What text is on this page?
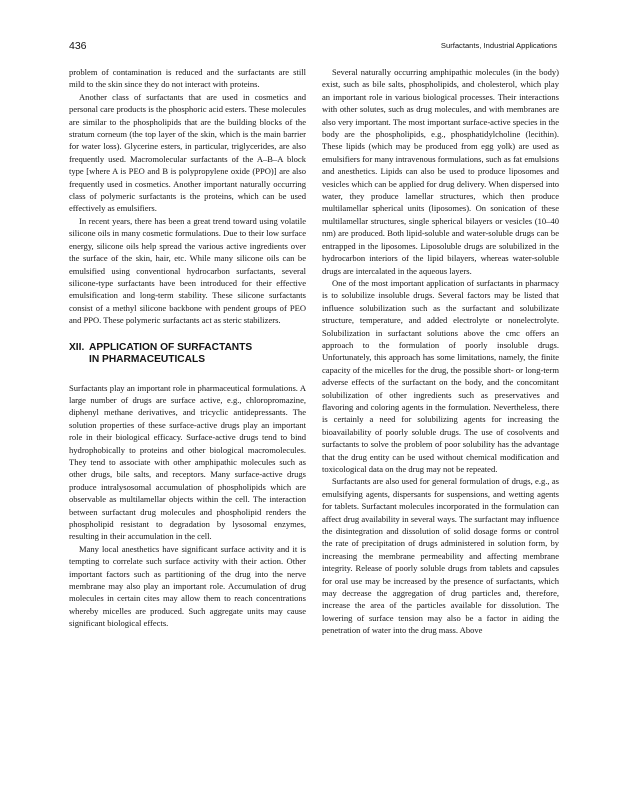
436	Surfactants, Industrial Applications

problem of contamination is reduced and the surfactants are still mild to the skin since they do not interact with proteins.

Another class of surfactants that are used in cosmetics and personal care products is the phosphoric acid esters. These molecules are similar to the phospholipids that are the building blocks of the stratum corneum (the top layer of the skin, which is the main barrier for water loss). Glycerine esters, in particular, triglycerides, are also frequently used. Macromolecular surfactants of the A–B–A block type [where A is PEO and B is polypropylene oxide (PPO)] are also frequently used in cosmetics. Another important naturally occurring class of polymeric surfactants is the proteins, which can be used effectively as emulsifiers.

In recent years, there has been a great trend toward using volatile silicone oils in many cosmetic formulations. Due to their low surface energy, silicone oils help spread the various active ingredients over the surface of the skin, hair, etc. While many silicone oils can be emulsified using conventional hydrocarbon surfactants, several silicone-type surfactants have been introduced for their effective emulsification and long-term stability. These silicone surfactants consist of a methyl silicone backbone with pendent groups of PEO and PPO. These polymeric surfactants act as steric stabilizers.

XII. APPLICATION OF SURFACTANTS
IN PHARMACEUTICALS

Surfactants play an important role in pharmaceutical formulations. A large number of drugs are surface active, e.g., chloropromazine, diphenyl methane derivatives, and tricyclic antidepressants. The solution properties of these surface-active drugs play an important role in their biological efficacy. Surface-active drugs tend to bind hydrophobically to proteins and other biological macromolecules. They tend to associate with other amphipathic molecules such as other drugs, bile salts, and receptors. Many surface-active drugs produce intralysosomal accumulation of phospholipids which are observable as multilamellar objects within the cell. The interaction between surfactant drug molecules and phospholipid renders the phospholipid resistant to degradation by lysosomal enzymes, resulting in their accumulation in the cell.

Many local anesthetics have significant surface activity and it is tempting to correlate such surface activity with their action. Other important factors such as partitioning of the drug into the nerve membrane may also play an important role. Accumulation of drug molecules in certain cites may allow them to reach concentrations whereby micelles are produced. Such aggregate units may cause significant biological effects.

Several naturally occurring amphipathic molecules (in the body) exist, such as bile salts, phospholipids, and cholesterol, which play an important role in various biological processes. Their interactions with other solutes, such as drug molecules, and with membranes are also very important. The most important surface-active species in the body are the phospholipids, e.g., phosphatidylcholine (lecithin). These lipids (which may be produced from egg yolk) are used as emulsifiers for many intravenous formulations, such as fat emulsions and anesthetics. Lipids can also be used to produce liposomes and vesicles which can be applied for drug delivery. When dispersed into water, they produce lamellar structures, which then produce multilamellar spherical units (liposomes). On sonication of these multilamellar structures, single spherical bilayers or vesicles (10–40 nm) are produced. Both lipid-soluble and water-soluble drugs can be entrapped in the liposomes. Liposoluble drugs are solubilized in the hydrocarbon interiors of the lipid bilayers, whereas water-soluble drugs are intercalated in the aqueous layers.

One of the most important application of surfactants in pharmacy is to solubilize insoluble drugs. Several factors may be listed that influence solubilization such as the surfactant and solubilizate structure, temperature, and added electrolyte or nonelectrolyte. Solubilization in surfactant solutions above the cmc offers an approach to the formulation of poorly insoluble drugs. Unfortunately, this approach has some limitations, namely, the finite capacity of the micelles for the drug, the possible short- or long-term adverse effects of the surfactant on the body, and the concomitant solubilization of other ingredients such as preservatives and flavoring and coloring agents in the formulation. Nevertheless, there is certainly a need for solubilizing agents for increasing the bioavailability of poorly soluble drugs. The use of cosolvents and surfactants to solve the problem of poor solubility has the advantage that the drug entity can be used without chemical modification and toxicological data on the drug may not be repeated.

Surfactants are also used for general formulation of drugs, e.g., as emulsifying agents, dispersants for suspensions, and wetting agents for tablets. Surfactant molecules incorporated in the formulation can affect drug availability in several ways. The surfactant may influence the disintegration and dissolution of solid dosage forms or control the rate of precipitation of drugs administered in solution form, by increasing the membrane permeability and affecting membrane integrity. Release of poorly soluble drugs from tablets and capsules for oral use may be increased by the presence of surfactants, which may decrease the aggregation of drug particles and, therefore, increase the area of the particles available for dissolution. The lowering of surface tension may also be a factor in aiding the penetration of water into the drug mass. Above
